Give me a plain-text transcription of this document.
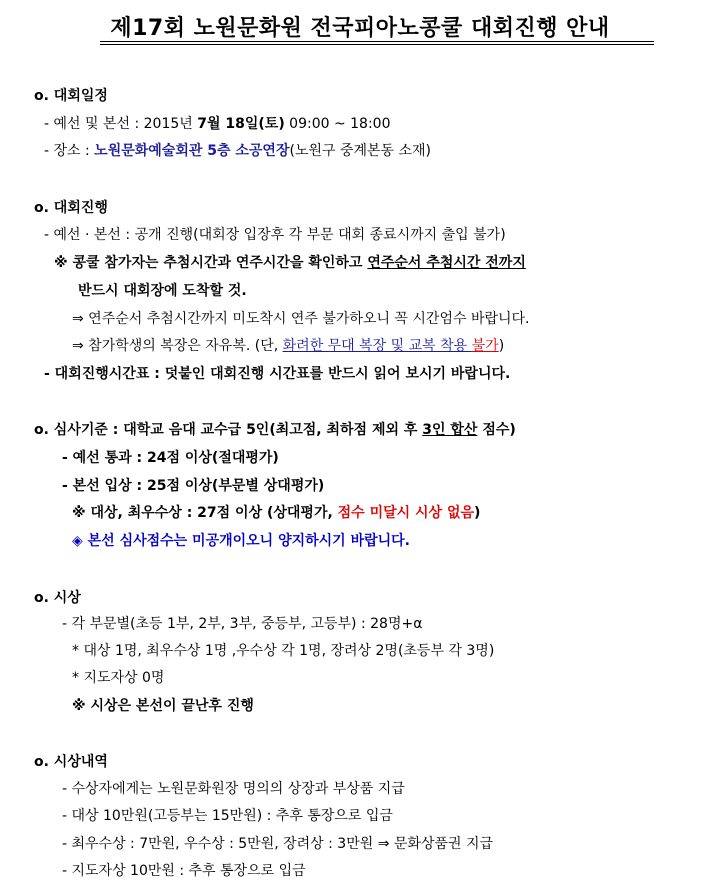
제17회 노원문화원 전국피아노콩쿨 대회진행 안내
o. 대회일정
- 예선 및 본선 : 2015년 7월 18일(토) 09:00 ~ 18:00
- 장소 : 노원문화예술회관 5층 소공연장(노원구 중계본동 소재)
o. 대회진행
- 예선 · 본선 : 공개 진행(대회장 입장후 각 부문 대회 종료시까지 출입 불가)
※ 콩쿨 참가자는 추첨시간과 연주시간을 확인하고 연주순서 추첨시간 전까지
반드시 대회장에 도착할 것.
⇒ 연주순서 추첨시간까지 미도착시 연주 불가하오니 꼭 시간엄수 바랍니다.
⇒ 참가학생의 복장은 자유복. (단, 화려한 무대 복장 및 교복 착용 불가)
- 대회진행시간표 : 덧붙인 대회진행 시간표를 반드시 읽어 보시기 바랍니다.
o. 심사기준 : 대학교 음대 교수급 5인(최고점, 최하점 제외 후 3인 합산 점수)
- 예선 통과 : 24점 이상(절대평가)
- 본선 입상 : 25점 이상(부문별 상대평가)
※ 대상, 최우수상 : 27점 이상 (상대평가, 점수 미달시 시상 없음)
◈ 본선 심사점수는 미공개이오니 양지하시기 바랍니다.
o. 시상
- 각 부문별(초등 1부, 2부, 3부, 중등부, 고등부) : 28명+α
* 대상 1명, 최우수상 1명 ,우수상 각 1명, 장려상 2명(초등부 각 3명)
* 지도자상 0명
※ 시상은 본선이 끝난후 진행
o. 시상내역
- 수상자에게는 노원문화원장 명의의 상장과 부상품 지급
- 대상 10만원(고등부는 15만원) : 추후 통장으로 입금
- 최우수상 : 7만원, 우수상 : 5만원, 장려상 : 3만원 ⇒ 문화상품권 지급
- 지도자상 10만원 : 추후 통장으로 입금
